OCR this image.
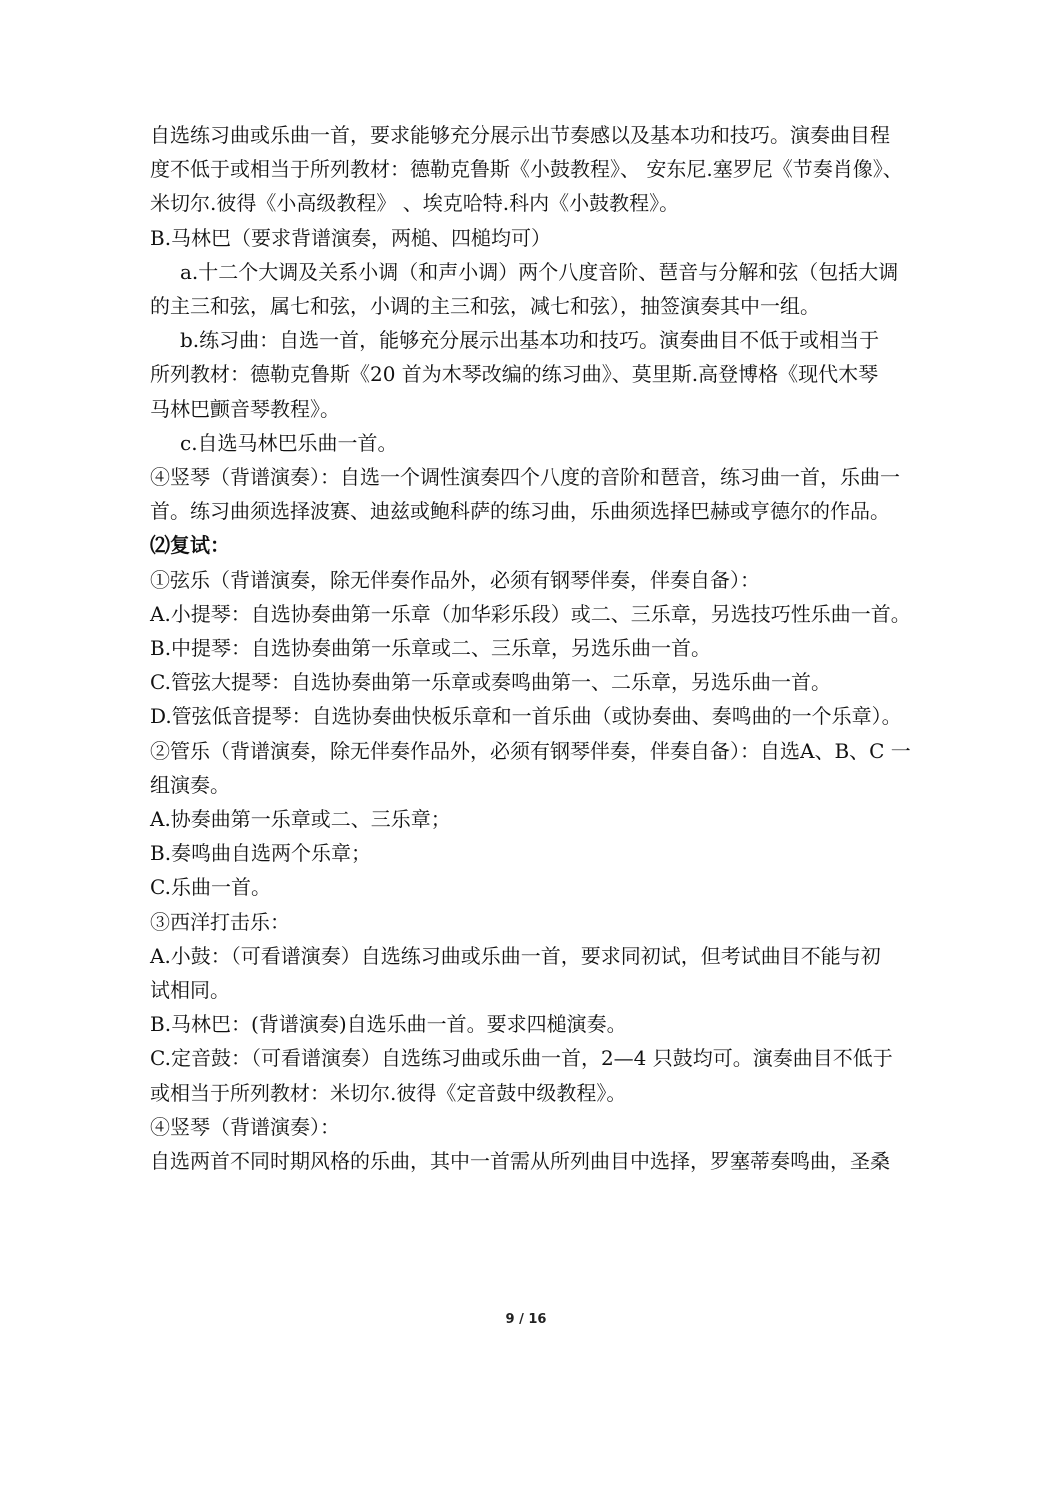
自选练习曲或乐曲一首，要求能够充分展示出节奏感以及基本功和技巧。演奏曲目程
度不低于或相当于所列教材：德勒克鲁斯《小鼓教程》、 安东尼.塞罗尼《节奏肖像》、
米切尔.彼得《小高级教程》 、埃克哈特.科内《小鼓教程》。
B.马林巴（要求背谱演奏，两槌、四槌均可）
a.十二个大调及关系小调（和声小调）两个八度音阶、琶音与分解和弦（包括大调
的主三和弦，属七和弦，小调的主三和弦，减七和弦），抽签演奏其中一组。
b.练习曲：自选一首，能够充分展示出基本功和技巧。演奏曲目不低于或相当于
所列教材：德勒克鲁斯《20 首为木琴改编的练习曲》、莫里斯.高登博格《现代木琴
马林巴颤音琴教程》。
c.自选马林巴乐曲一首。
④竖琴（背谱演奏）：自选一个调性演奏四个八度的音阶和琶音，练习曲一首，乐曲一
首。练习曲须选择波赛、迪兹或鲍科萨的练习曲，乐曲须选择巴赫或亨德尔的作品。
⑵复试：
①弦乐（背谱演奏，除无伴奏作品外，必须有钢琴伴奏，伴奏自备）：
A.小提琴：自选协奏曲第一乐章（加华彩乐段）或二、三乐章，另选技巧性乐曲一首。
B.中提琴：自选协奏曲第一乐章或二、三乐章，另选乐曲一首。
C.管弦大提琴：自选协奏曲第一乐章或奏鸣曲第一、二乐章，另选乐曲一首。
D.管弦低音提琴：自选协奏曲快板乐章和一首乐曲（或协奏曲、奏鸣曲的一个乐章）。
②管乐（背谱演奏，除无伴奏作品外，必须有钢琴伴奏，伴奏自备）：自选A、B、C 一
组演奏。
A.协奏曲第一乐章或二、三乐章；
B.奏鸣曲自选两个乐章；
C.乐曲一首。
③西洋打击乐：
A.小鼓：（可看谱演奏）自选练习曲或乐曲一首，要求同初试，但考试曲目不能与初
试相同。
B.马林巴：(背谱演奏)自选乐曲一首。要求四槌演奏。
C.定音鼓：（可看谱演奏）自选练习曲或乐曲一首，2—4 只鼓均可。演奏曲目不低于
或相当于所列教材：米切尔.彼得《定音鼓中级教程》。
④竖琴（背谱演奏）：
自选两首不同时期风格的乐曲，其中一首需从所列曲目中选择，罗塞蒂奏鸣曲，圣桑
9 / 16
